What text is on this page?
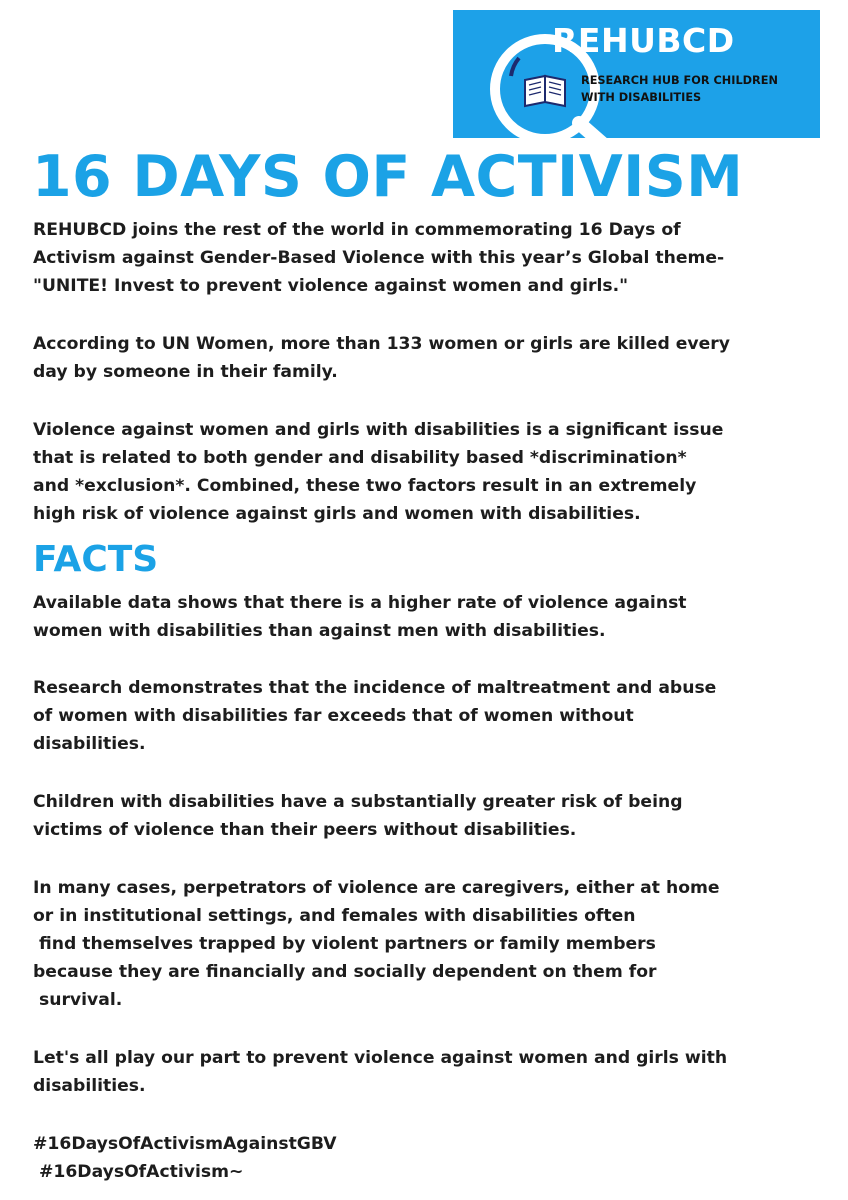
REHUBCD
RESEARCH HUB FOR CHILDREN
WITH DISABILITIES
16 DAYS OF ACTIVISM
REHUBCD joins the rest of the world in commemorating 16 Days of
Activism against Gender-Based Violence with this year’s Global theme-
"UNITE! Invest to prevent violence against women and girls."
According to UN Women, more than 133 women or girls are killed every
day by someone in their family.
Violence against women and girls with disabilities is a significant issue
that is related to both gender and disability based *discrimination*
and *exclusion*. Combined, these two factors result in an extremely
high risk of violence against girls and women with disabilities.
FACTS
Available data shows that there is a higher rate of violence against
women with disabilities than against men with disabilities.
Research demonstrates that the incidence of maltreatment and abuse
of women with disabilities far exceeds that of women without
disabilities.
Children with disabilities have a substantially greater risk of being
victims of violence than their peers without disabilities.
In many cases, perpetrators of violence are caregivers, either at home
or in institutional settings, and females with disabilities often
find themselves trapped by violent partners or family members
because they are financially and socially dependent on them for
survival.
Let's all play our part to prevent violence against women and girls with
disabilities.
#16DaysOfActivismAgainstGBV
#16DaysOfActivism~
